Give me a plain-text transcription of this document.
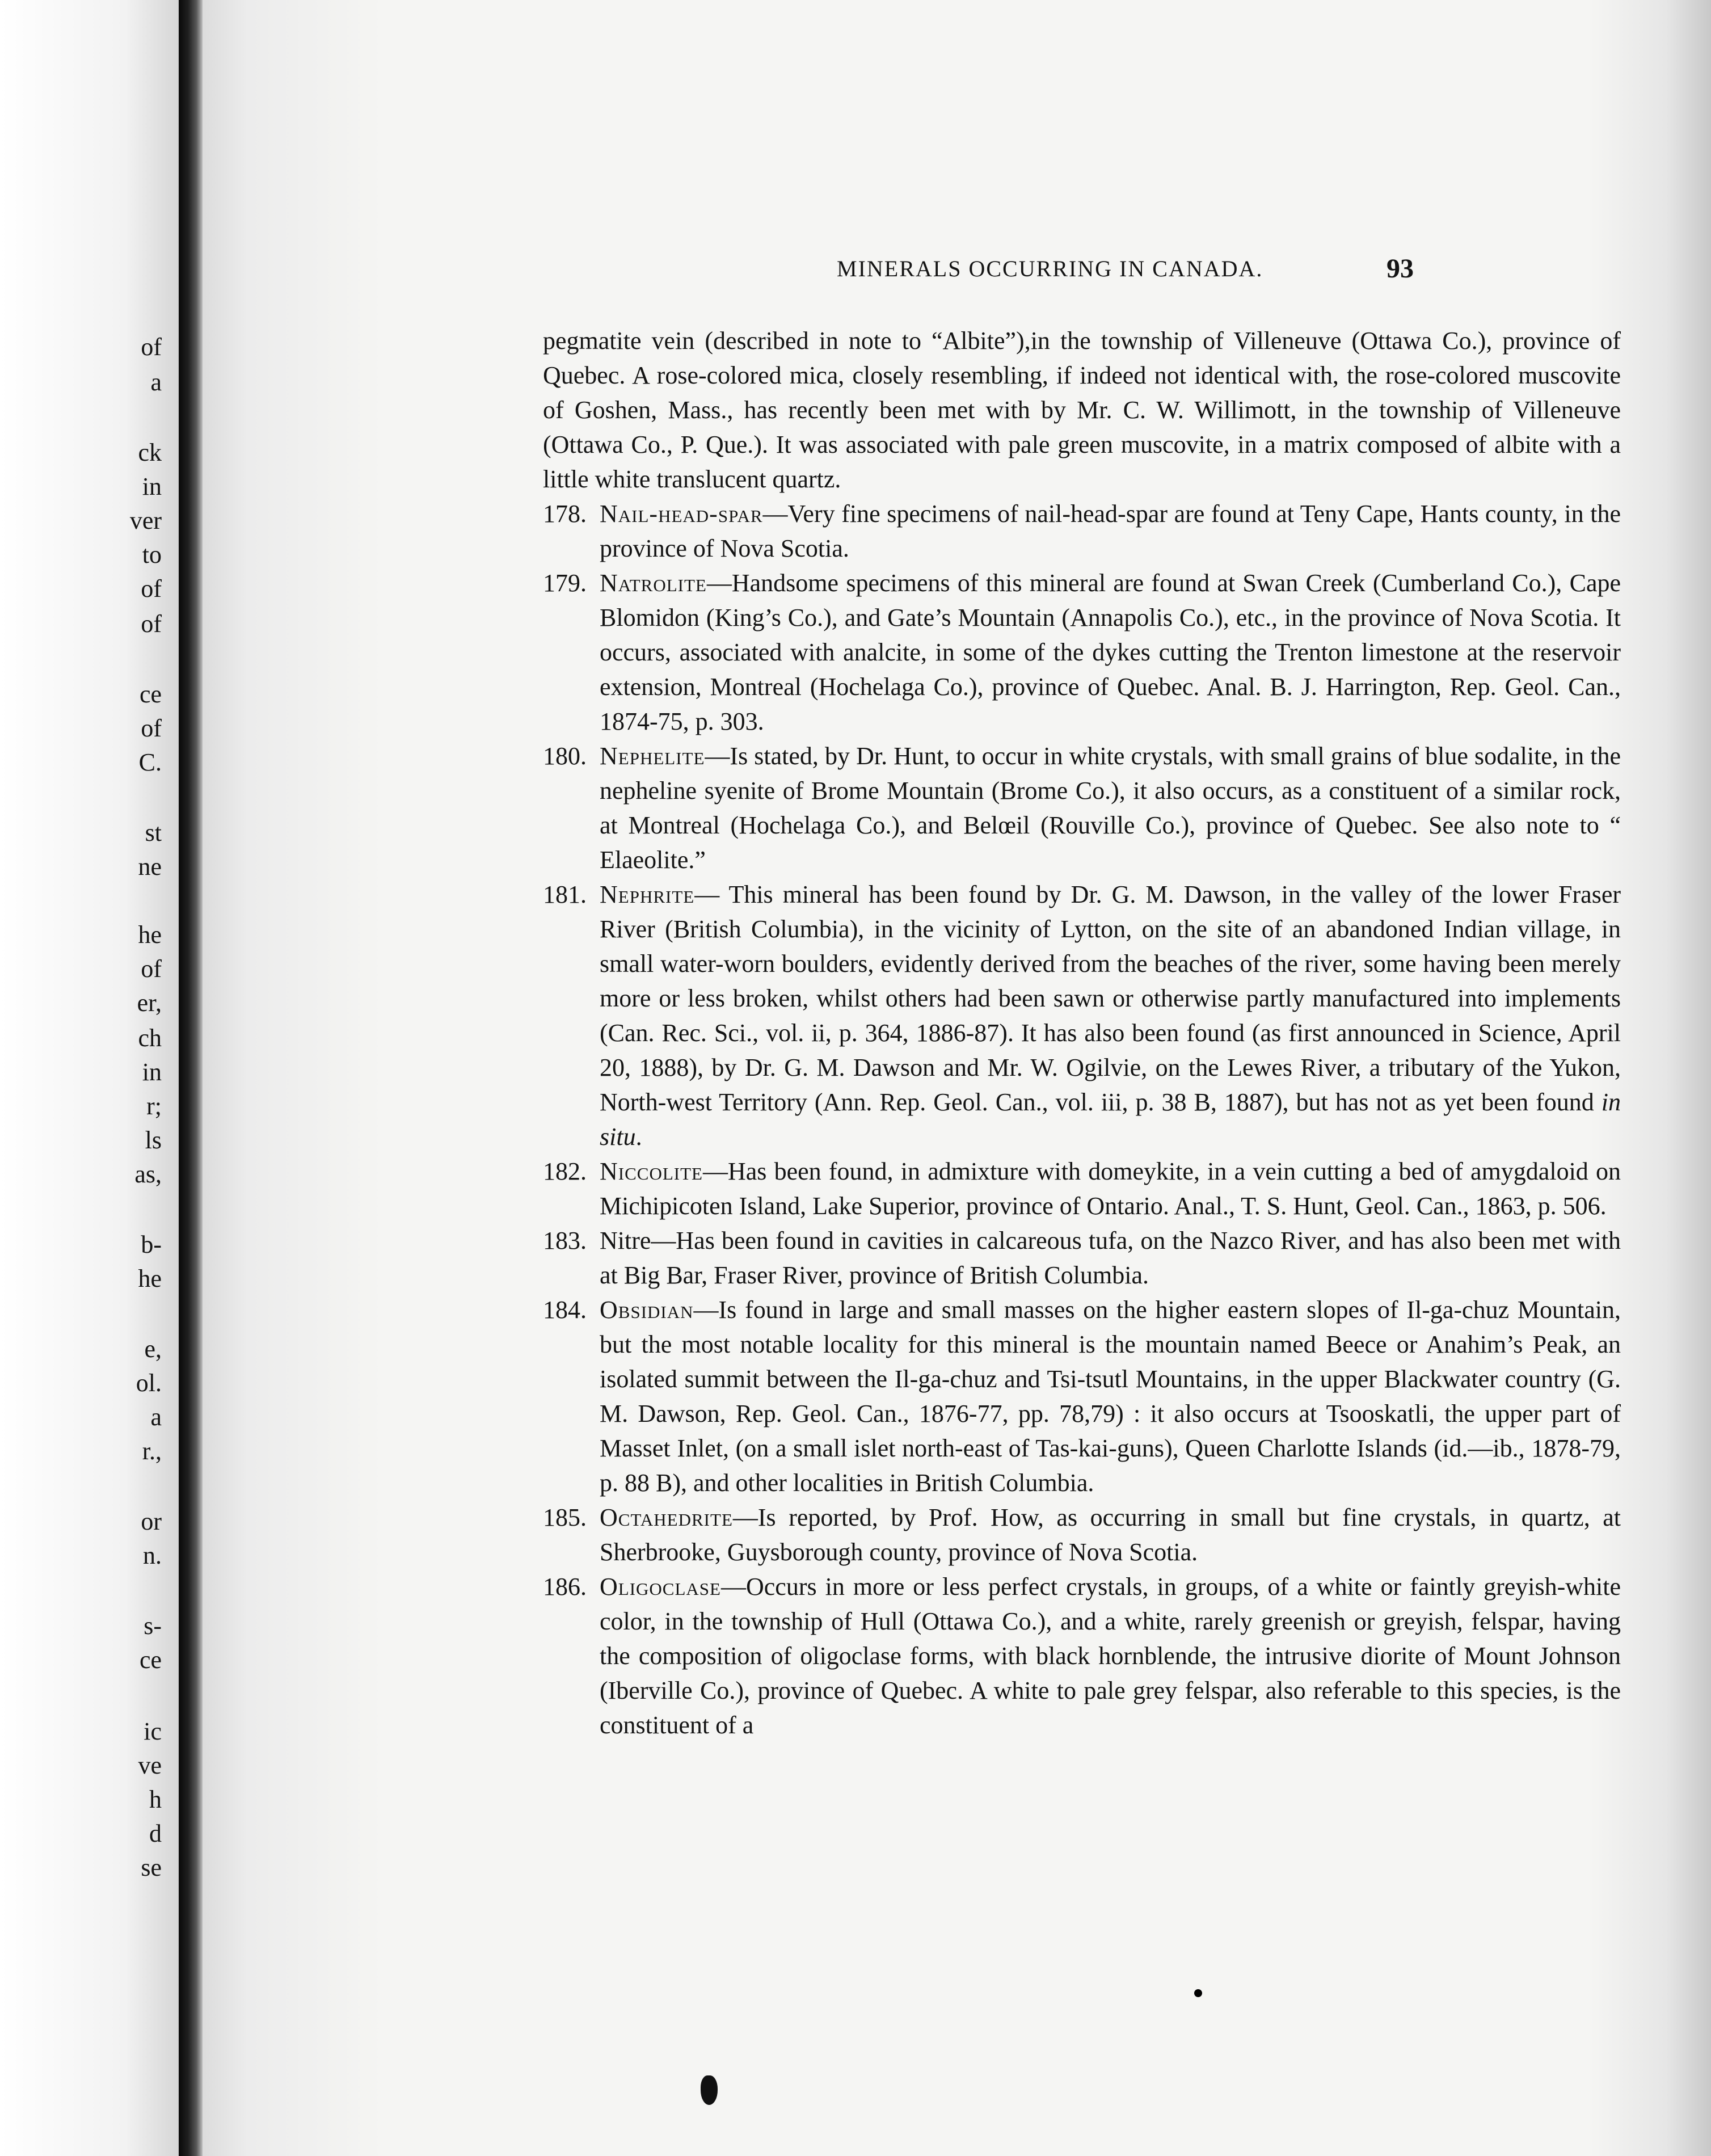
of
a
ck
in
ver
to
of
of
ce
of
C.
st
ne
he
of
er,
ch
in
r;
ls
as,
b-
he
e,
ol.
a
r.,
or
n.
s-
ce
ic
ve
h
d
se
MINERALS OCCURRING IN CANADA.	93

pegmatite vein (described in note to “Albite”),in the township of Villeneuve (Ottawa Co.), province of Quebec. A rose-colored mica, closely resembling, if indeed not identical with, the rose-colored muscovite of Goshen, Mass., has recently been met with by Mr. C. W. Willimott, in the township of Villeneuve (Ottawa Co., P. Que.). It was associated with pale green muscovite, in a matrix composed of albite with a little white translucent quartz.

178. Nail-head-spar—Very fine specimens of nail-head-spar are found at Teny Cape, Hants county, in the province of Nova Scotia.

179. Natrolite—Handsome specimens of this mineral are found at Swan Creek (Cumberland Co.), Cape Blomidon (King’s Co.), and Gate’s Mountain (Annapolis Co.), etc., in the province of Nova Scotia. It occurs, associated with analcite, in some of the dykes cutting the Trenton limestone at the reservoir extension, Montreal (Hochelaga Co.), province of Quebec. Anal. B. J. Harrington, Rep. Geol. Can., 1874-75, p. 303.

180. Nephelite—Is stated, by Dr. Hunt, to occur in white crystals, with small grains of blue sodalite, in the nepheline syenite of Brome Mountain (Brome Co.), it also occurs, as a constituent of a similar rock, at Montreal (Hochelaga Co.), and Belœil (Rouville Co.), province of Quebec. See also note to “ Elaeolite.”

181. Nephrite— This mineral has been found by Dr. G. M. Dawson, in the valley of the lower Fraser River (British Columbia), in the vicinity of Lytton, on the site of an abandoned Indian village, in small water-worn boulders, evidently derived from the beaches of the river, some having been merely more or less broken, whilst others had been sawn or otherwise partly manufactured into implements (Can. Rec. Sci., vol. ii, p. 364, 1886-87). It has also been found (as first announced in Science, April 20, 1888), by Dr. G. M. Dawson and Mr. W. Ogilvie, on the Lewes River, a tributary of the Yukon, North-west Territory (Ann. Rep. Geol. Can., vol. iii, p. 38 B, 1887), but has not as yet been found in situ.

182. Niccolite—Has been found, in admixture with domeykite, in a vein cutting a bed of amygdaloid on Michipicoten Island, Lake Superior, province of Ontario. Anal., T. S. Hunt, Geol. Can., 1863, p. 506.

183. Nitre—Has been found in cavities in calcareous tufa, on the Nazco River, and has also been met with at Big Bar, Fraser River, province of British Columbia.

184. Obsidian—Is found in large and small masses on the higher eastern slopes of Il-ga-chuz Mountain, but the most notable locality for this mineral is the mountain named Beece or Anahim’s Peak, an isolated summit between the Il-ga-chuz and Tsi-tsutl Mountains, in the upper Blackwater country (G. M. Dawson, Rep. Geol. Can., 1876-77, pp. 78,79) : it also occurs at Tsooskatli, the upper part of Masset Inlet, (on a small islet north-east of Tas-kai-guns), Queen Charlotte Islands (id.—ib., 1878-79, p. 88 B), and other localities in British Columbia.

185. Octahedrite—Is reported, by Prof. How, as occurring in small but fine crystals, in quartz, at Sherbrooke, Guysborough county, province of Nova Scotia.

186. Oligoclase—Occurs in more or less perfect crystals, in groups, of a white or faintly greyish-white color, in the township of Hull (Ottawa Co.), and a white, rarely greenish or greyish, felspar, having the composition of oligoclase forms, with black hornblende, the intrusive diorite of Mount Johnson (Iberville Co.), province of Quebec. A white to pale grey felspar, also referable to this species, is the constituent of a
